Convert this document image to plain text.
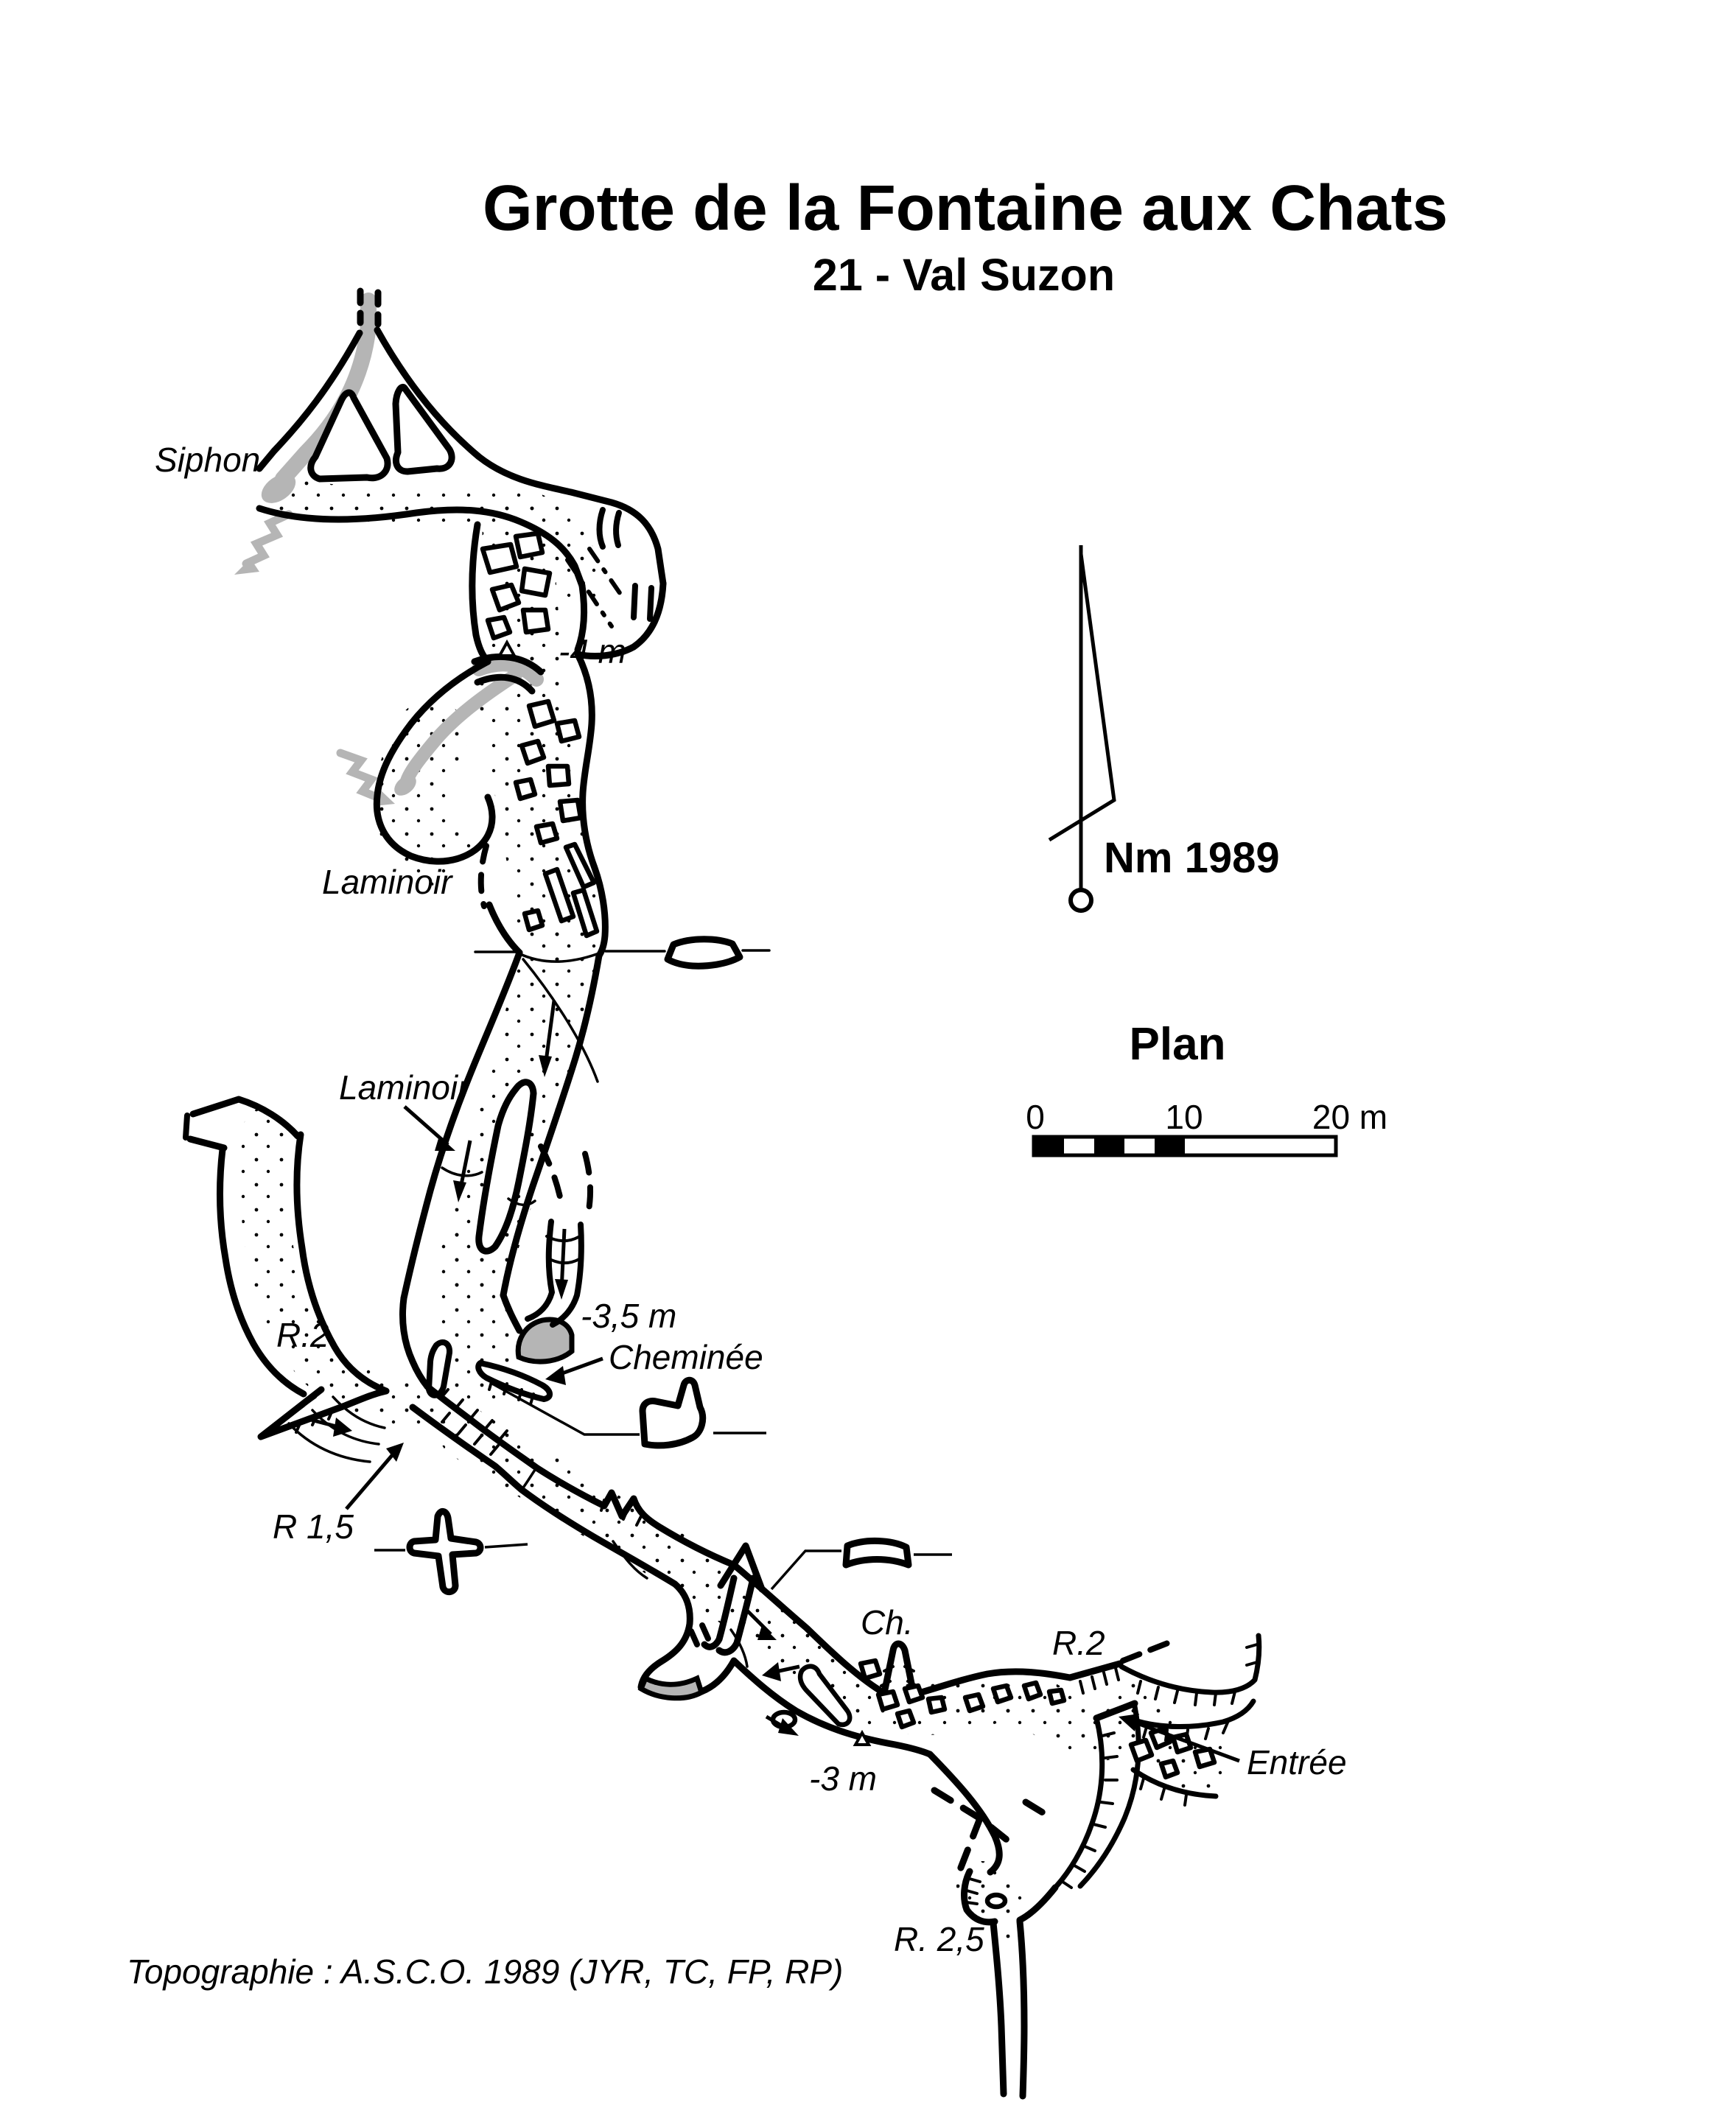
Siphon
-4 m
Laminoir
Laminoir
R.2	-3,5 m
Cheminée
R 1,5
Ch.
R.2
Entrée
-3 m
R. 2,5
Nm 1989
Plan
0	10	20 m
Grotte de la Fontaine aux Chats
21 - Val Suzon
Topographie : A.S.C.O. 1989 (JYR, TC, FP, RP)
